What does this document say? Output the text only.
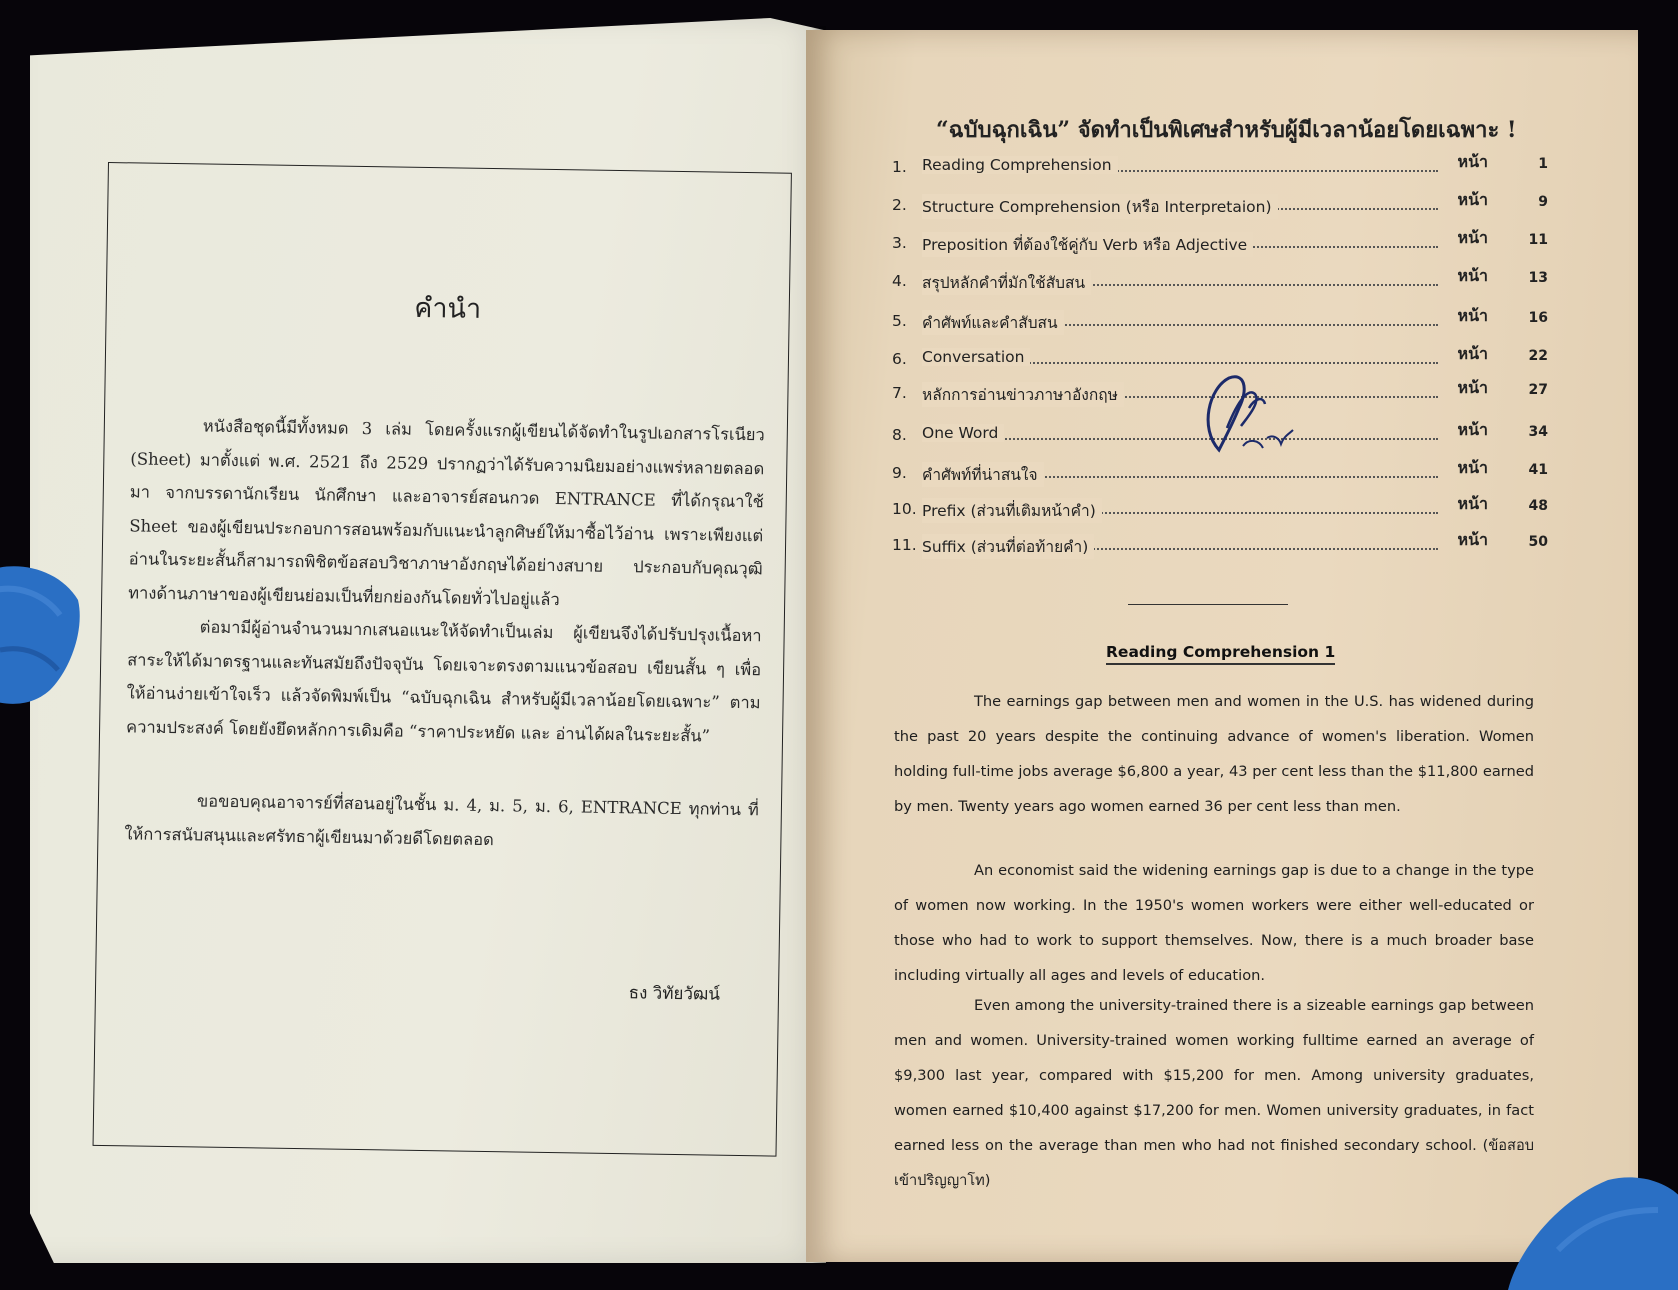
คำนำ

หนังสือชุดนี้มีทั้งหมด 3 เล่ม โดยครั้งแรกผู้เขียนได้จัดทำในรูปเอกสารโรเนียว (Sheet) มาตั้งแต่ พ.ศ. 2521 ถึง 2529 ปรากฏว่าได้รับความนิยมอย่างแพร่หลายตลอดมา จากบรรดานักเรียน นักศึกษา และอาจารย์สอนกวด ENTRANCE ที่ได้กรุณาใช้ Sheet ของผู้เขียนประกอบการสอนพร้อมกับแนะนำลูกศิษย์ให้มาซื้อไว้อ่าน เพราะเพียงแต่อ่านในระยะสั้นก็สามารถพิชิตข้อสอบวิชาภาษาอังกฤษได้อย่างสบาย ประกอบกับคุณวุฒิทางด้านภาษาของผู้เขียนย่อมเป็นที่ยกย่องกันโดยทั่วไปอยู่แล้ว

ต่อมามีผู้อ่านจำนวนมากเสนอแนะให้จัดทำเป็นเล่ม ผู้เขียนจึงได้ปรับปรุงเนื้อหาสาระให้ได้มาตรฐานและทันสมัยถึงปัจจุบัน โดยเจาะตรงตามแนวข้อสอบ เขียนสั้น ๆ เพื่อให้อ่านง่ายเข้าใจเร็ว แล้วจัดพิมพ์เป็น “ฉบับฉุกเฉิน สำหรับผู้มีเวลาน้อยโดยเฉพาะ” ตามความประสงค์ โดยยังยึดหลักการเดิมคือ “ราคาประหยัด และ อ่านได้ผลในระยะสั้น”

ขอขอบคุณอาจารย์ที่สอนอยู่ในชั้น ม. 4, ม. 5, ม. 6, ENTRANCE ทุกท่าน ที่ให้การสนับสนุนและศรัทธาผู้เขียนมาด้วยดีโดยตลอด

ธง วิทัยวัฒน์
“ฉบับฉุกเฉิน” จัดทำเป็นพิเศษสำหรับผู้มีเวลาน้อยโดยเฉพาะ !
1. Reading Comprehension	หน้า	1
2. Structure Comprehension (หรือ Interpretaion)	หน้า	9
3. Preposition ที่ต้องใช้คู่กับ Verb หรือ Adjective	หน้า	11
4. สรุปหลักคำที่มักใช้สับสน	หน้า	13
5. คำศัพท์และคำสับสน	หน้า	16
6. Conversation	หน้า	22
7. หลักการอ่านข่าวภาษาอังกฤษ	หน้า	27
8. One Word	หน้า	34
9. คำศัพท์ที่น่าสนใจ	หน้า	41
10. Prefix (ส่วนที่เติมหน้าคำ)	หน้า	48
11. Suffix (ส่วนที่ต่อท้ายคำ)	หน้า	50
Reading Comprehension 1

The earnings gap between men and women in the U.S. has widened during the past 20 years despite the continuing advance of women's liberation. Women holding full-time jobs average $6,800 a year, 43 per cent less than the $11,800 earned by men. Twenty years ago women earned 36 per cent less than men.

An economist said the widening earnings gap is due to a change in the type of women now working. In the 1950's women workers were either well-educated or those who had to work to support themselves. Now, there is a much broader base including virtually all ages and levels of education.

Even among the university-trained there is a sizeable earnings gap between men and women. University-trained women working fulltime earned an average of $9,300 last year, compared with $15,200 for men. Among university graduates, women earned $10,400 against $17,200 for men. Women university graduates, in fact earned less on the average than men who had not finished secondary school. (ข้อสอบเข้าปริญญาโท)
